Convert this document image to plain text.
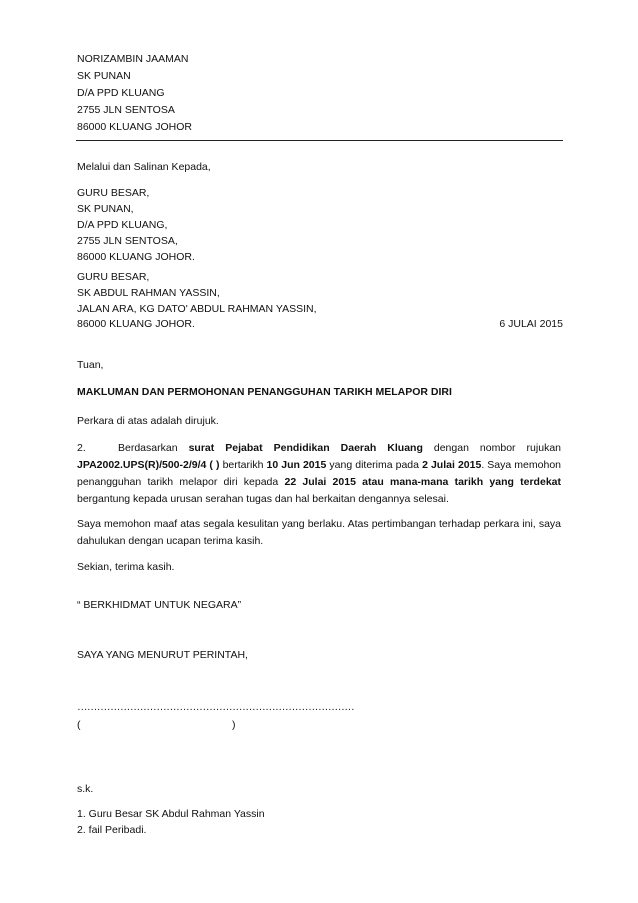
NORIZAMBIN JAAMAN
SK PUNAN
D/A PPD KLUANG
2755 JLN SENTOSA
86000 KLUANG JOHOR
Melalui dan Salinan Kepada,
GURU BESAR,
SK PUNAN,
D/A PPD KLUANG,
2755 JLN SENTOSA,
86000 KLUANG JOHOR.
GURU BESAR,
SK ABDUL RAHMAN YASSIN,
JALAN ARA, KG DATO' ABDUL RAHMAN YASSIN,
86000 KLUANG JOHOR.	6 JULAI 2015
Tuan,
MAKLUMAN DAN PERMOHONAN PENANGGUHAN TARIKH MELAPOR DIRI
Perkara di atas adalah dirujuk.
2.	Berdasarkan surat Pejabat Pendidikan Daerah Kluang dengan nombor rujukan JPA2002.UPS(R)/500-2/9/4 ( ) bertarikh 10 Jun 2015 yang diterima pada 2 Julai 2015. Saya memohon penangguhan tarikh melapor diri kepada 22 Julai 2015 atau mana-mana tarikh yang terdekat bergantung kepada urusan serahan tugas dan hal berkaitan dengannya selesai.
Saya memohon maaf atas segala kesulitan yang berlaku. Atas pertimbangan terhadap perkara ini, saya dahulukan dengan ucapan terima kasih.
Sekian, terima kasih.
“ BERKHIDMAT UNTUK NEGARA”
SAYA YANG MENURUT PERINTAH,
…………………………………………………………………………
(	)
s.k.
1. Guru Besar SK Abdul Rahman Yassin
2. fail Peribadi.
